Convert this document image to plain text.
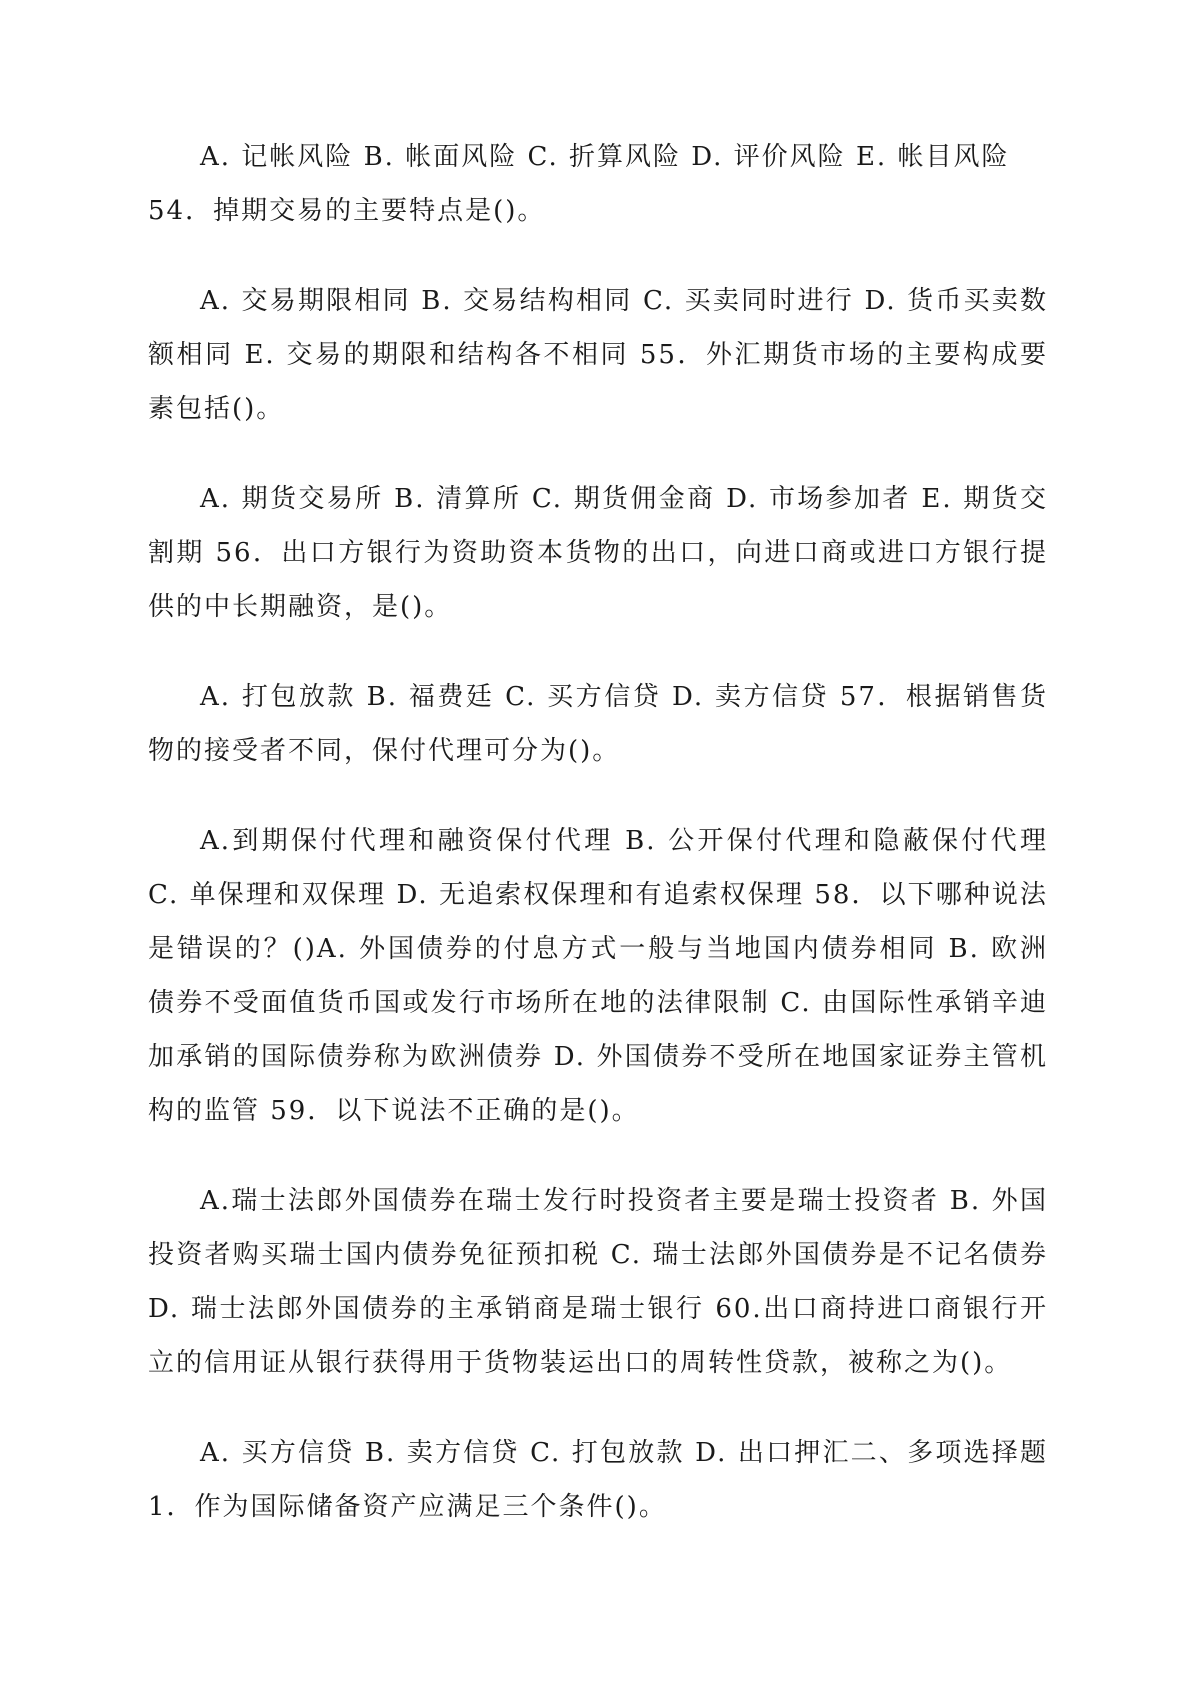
A. 记帐风险 B. 帐面风险 C. 折算风险 D. 评价风险 E. 帐目风险

54．掉期交易的主要特点是()。

A. 交易期限相同 B. 交易结构相同 C. 买卖同时进行 D. 货币买卖数额相同 E. 交易的期限和结构各不相同 55．外汇期货市场的主要构成要素包括()。

A. 期货交易所 B. 清算所 C. 期货佣金商 D. 市场参加者 E. 期货交割期 56．出口方银行为资助资本货物的出口，向进口商或进口方银行提供的中长期融资，是()。

A. 打包放款 B. 福费廷 C. 买方信贷 D. 卖方信贷 57．根据销售货物的接受者不同，保付代理可分为()。

A.到期保付代理和融资保付代理 B. 公开保付代理和隐蔽保付代理 C. 单保理和双保理 D. 无追索权保理和有追索权保理 58．以下哪种说法是错误的？()A. 外国债券的付息方式一般与当地国内债券相同 B. 欧洲债券不受面值货币国或发行市场所在地的法律限制 C. 由国际性承销辛迪加承销的国际债券称为欧洲债券 D. 外国债券不受所在地国家证券主管机构的监管 59．以下说法不正确的是()。

A.瑞士法郎外国债券在瑞士发行时投资者主要是瑞士投资者 B. 外国投资者购买瑞士国内债券免征预扣税 C. 瑞士法郎外国债券是不记名债券 D. 瑞士法郎外国债券的主承销商是瑞士银行 60.出口商持进口商银行开立的信用证从银行获得用于货物装运出口的周转性贷款，被称之为()。

A. 买方信贷 B. 卖方信贷 C. 打包放款 D. 出口押汇二、多项选择题 1．作为国际储备资产应满足三个条件()。
